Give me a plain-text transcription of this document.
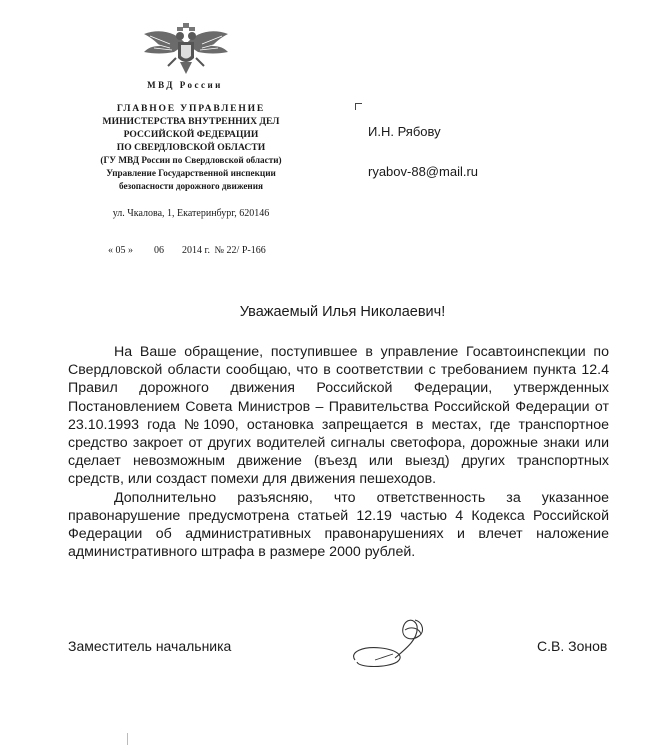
МВД России
ГЛАВНОЕ УПРАВЛЕНИЕ
МИНИСТЕРСТВА ВНУТРЕННИХ ДЕЛ
РОССИЙСКОЙ ФЕДЕРАЦИИ
ПО СВЕРДЛОВСКОЙ ОБЛАСТИ
(ГУ МВД России по Свердловской области)
Управление Государственной инспекции
безопасности дорожного движения
ул. Чкалова, 1, Екатеринбург, 620146
« 05 » 06 2014 г. № 22/ Р-166
И.Н. Рябову
ryabov-88@mail.ru
Уважаемый Илья Николаевич!

На Ваше обращение, поступившее в управление Госавтоинспекции по Свердловской области сообщаю, что в соответствии с требованием пункта 12.4 Правил дорожного движения Российской Федерации, утвержденных Постановлением Совета Министров – Правительства Российской Федерации от 23.10.1993 года №1090, остановка запрещается в местах, где транспортное средство закроет от других водителей сигналы светофора, дорожные знаки или сделает невозможным движение (въезд или выезд) других транспортных средств, или создаст помехи для движения пешеходов.

Дополнительно разъясняю, что ответственность за указанное правонарушение предусмотрена статьей 12.19 частью 4 Кодекса Российской Федерации об административных правонарушениях и влечет наложение административного штрафа в размере 2000 рублей.

Заместитель начальника	С.В. Зонов
